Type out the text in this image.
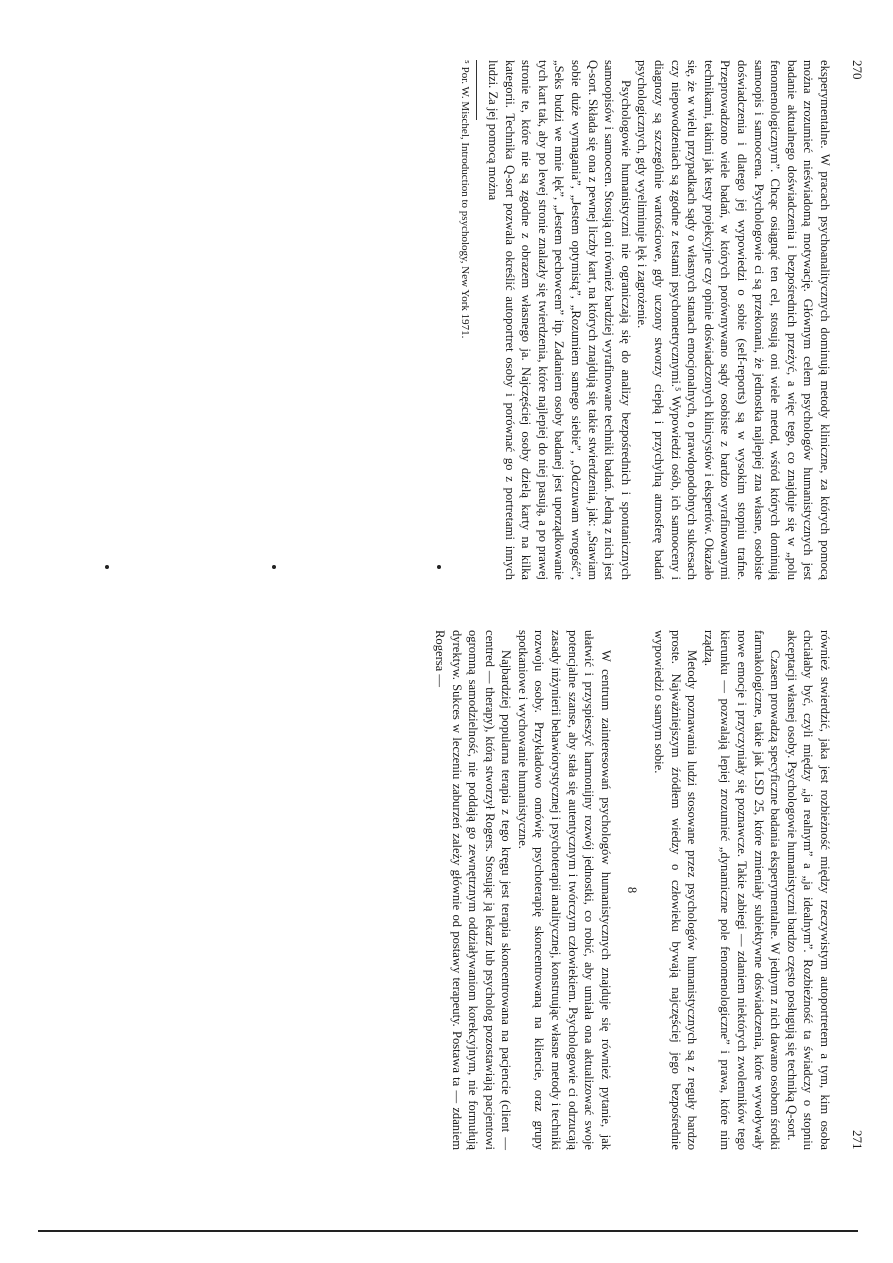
270

eksperymentalne. W pracach psychoanalitycznych dominują metody kliniczne, za których pomocą można zrozumieć nieświadomą motywację. Głównym celem psychologów humanistycznych jest badanie aktualnego doświadczenia i bezpośrednich przeżyć, a więc tego, co znajduje się w „polu fenomenologicznym”. Chcąc osiągnąć ten cel, stosują oni wiele metod, wśród których dominują samoopis i samoocena. Psychologowie ci są przekonani, że jednostka najlepiej zna własne, osobiste doświadczenia i dlatego jej wypowiedzi o sobie (self-reports) są w wysokim stopniu trafne. Przeprowadzono wiele badań, w których porównywano sądy osobiste z bardzo wyrafinowanymi technikami, takimi jak testy projekcyjne czy opinie doświadczonych klinicystów i ekspertów. Okazało się, że w wielu przypadkach sądy o własnych stanach emocjonalnych, o prawdopodobnych sukcesach czy niepowodzeniach są zgodne z testami psychometrycznymi.⁵ Wypowiedzi osób, ich samooceny i diagnozy są szczególnie wartościowe, gdy uczony stworzy ciepłą i przychylną atmosferę badań psychologicznych, gdy wyeliminuje lęk i zagrożenie.

Psychologowie humanistyczni nie ograniczają się do analizy bezpośrednich i spontanicznych samoopisów i samoocen. Stosują oni również bardziej wyrafinowane techniki badań. Jedną z nich jest Q-sort. Składa się ona z pewnej liczby kart, na których znajdują się takie stwierdzenia, jak: „Stawiam sobie duże wymagania”, „Jestem optymistą”, „Rozumiem samego siebie”, „Odczuwam wrogość”, „Seks budzi we mnie lęk”, „Jestem pechowcem” itp. Zadaniem osoby badanej jest uporządkowanie tych kart tak, aby po lewej stronie znalazły się twierdzenia, które najlepiej do niej pasują, a po prawej stronie te, które nie są zgodne z obrazem własnego ja. Najczęściej osoby dzielą karty na kilka kategorii. Technika Q-sort pozwala określić autoportret osoby i porównać go z portretami innych ludzi. Za jej pomocą można

⁵ Por. W. Mischel, Introduction to psychology, New York 1971.

271

również stwierdzić, jaka jest rozbieżność między rzeczywistym autoportretem a tym, kim osoba chciałaby być, czyli między „ja realnym” a „ja idealnym”. Rozbieżność ta świadczy o stopniu akceptacji własnej osoby. Psychologowie humanistyczni bardzo często posługują się techniką Q-sort.

Czasem prowadzą specyficzne badania eksperymentalne. W jednym z nich dawano osobom środki farmakologiczne, takie jak LSD 25, które zmieniały subiektywne doświadczenia, które wywoływały nowe emocje i przyczyniały się poznawcze. Takie zabiegi — zdaniem niektórych zwolenników tego kierunku — pozwalają lepiej zrozumieć „dynamiczne pole fenomenologiczne” i prawa, które nim rządzą.

Metody poznawania ludzi stosowane przez psychologów humanistycznych są z reguły bardzo proste. Najważniejszym źródłem wiedzy o człowieku bywają najczęściej jego bezpośrednie wypowiedzi o samym sobie.

8

W centrum zainteresowań psychologów humanistycznych znajduje się również pytanie, jak ułatwić i przyspieszyć harmonijny rozwój jednostki, co robić, aby umiała ona aktualizować swoje potencjalne szanse, aby stała się autentycznym i twórczym człowiekiem. Psychologowie ci odrzucają zasady inżynierii behawiorystycznej i psychoterapii analitycznej, konstruując własne metody i techniki rozwoju osoby. Przykładowo omówię psychoterapię skoncentrowaną na kliencie, oraz grupy spotkaniowe i wychowanie humanistyczne.

Najbardziej popularna terapia z tego kręgu jest terapia skoncentrowana na pacjencie (client — centred — therapy), którą stworzył Rogers. Stosując ją lekarz lub psycholog pozostawiają pacjentowi ogromną samodzielność, nie poddają go zewnętrznym oddziaływaniom korekcyjnym, nie formułują dyrektyw. Sukces w leczeniu zaburzeń zależy głównie od postawy terapeuty. Postawa ta — zdaniem Rogersa —
